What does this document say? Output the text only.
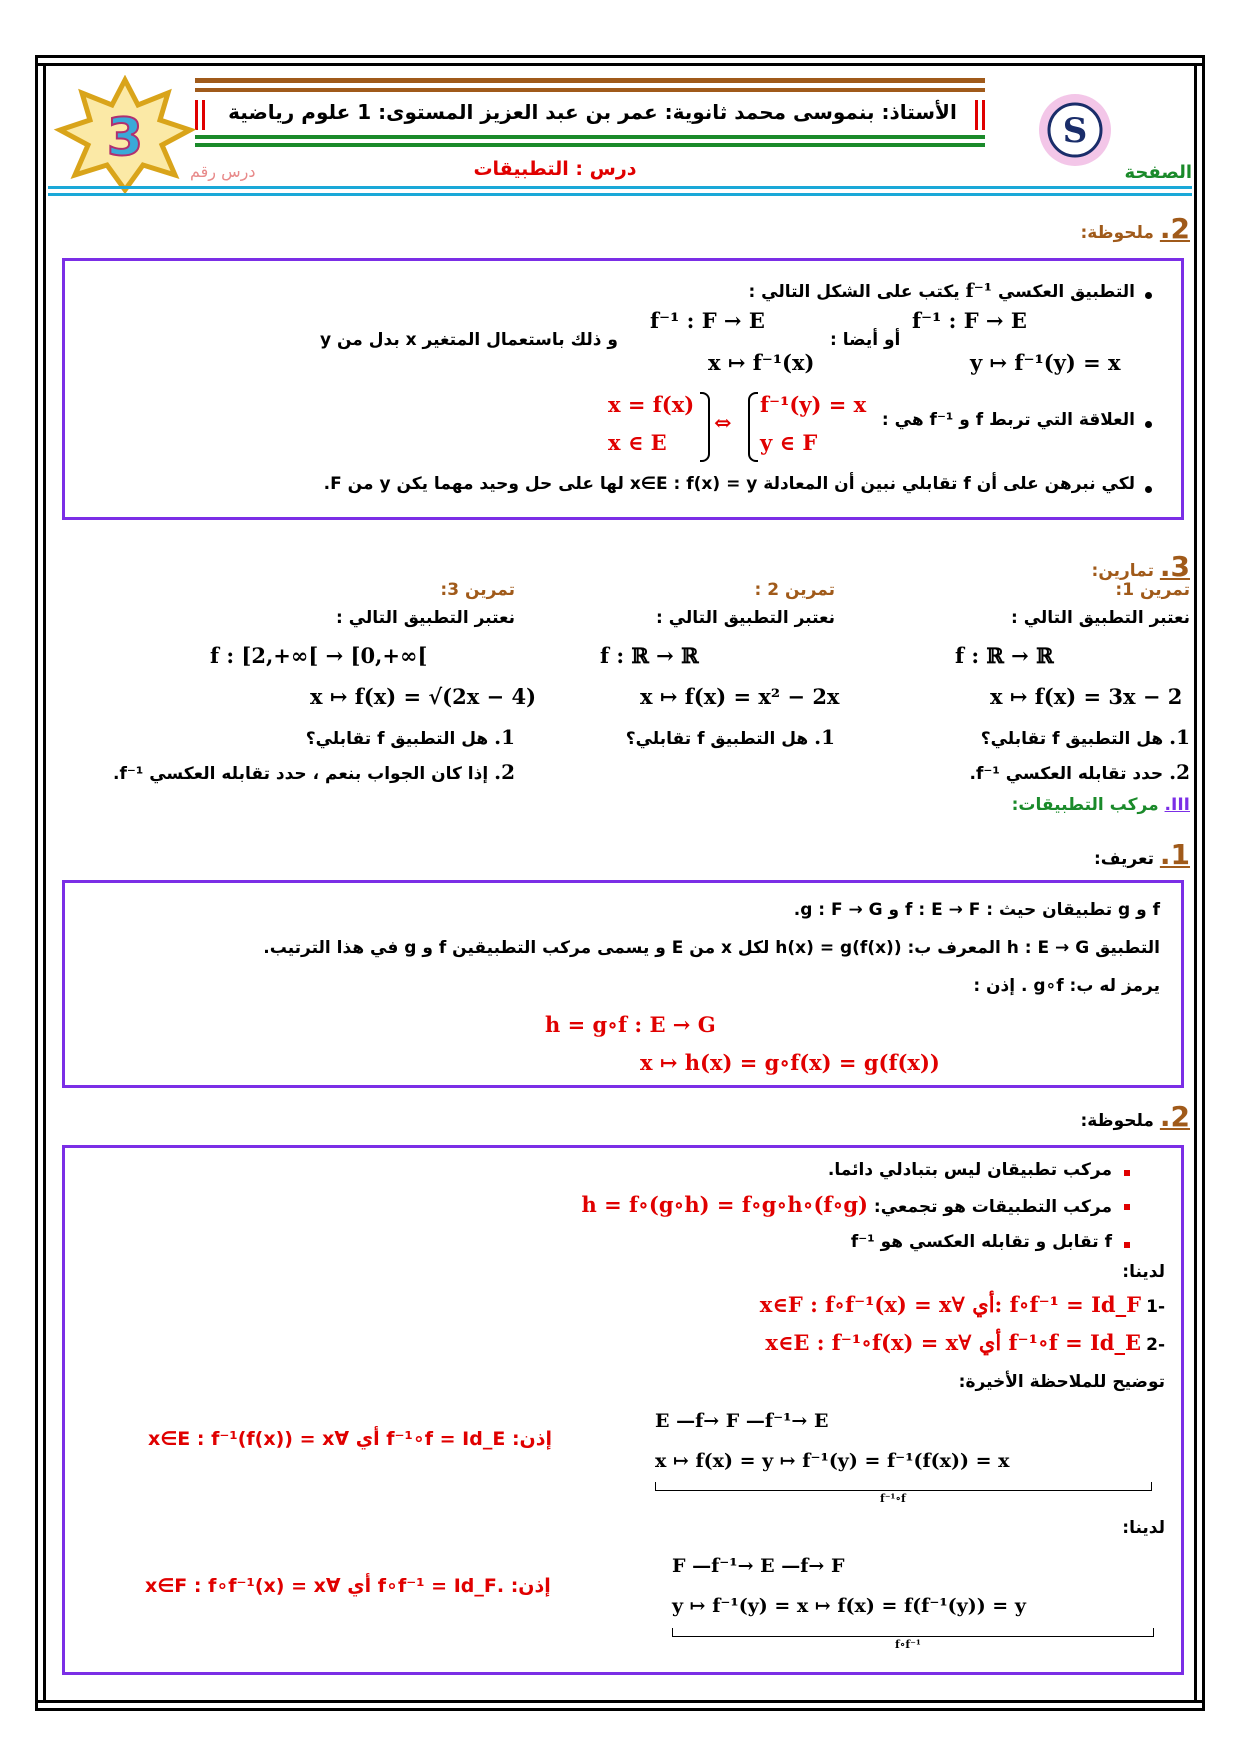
الأستاذ: بنموسى محمد ثانوية: عمر بن عبد العزيز المستوى: 1 علوم رياضية
درس : التطبيقات	الصفحة
درس رقم
3	S
2. ملحوظة:
التطبيق العكسي f⁻¹ يكتب على الشكل التالي :
f⁻¹ : F → E
y ↦ f⁻¹(y) = x
أو أيضا :
f⁻¹ : F → E
x ↦ f⁻¹(x)
و ذلك باستعمال المتغير x بدل من y
العلاقة التي تربط f و f⁻¹ هي :
f⁻¹(y) = x
y ∈ F
⇔
x = f(x)
x ∈ E
لكي نبرهن على أن f تقابلي نبين أن المعادلة x∈E : f(x) = y لها على حل وحيد مهما يكن y من F.
3. تمارين:
تمرين 1:
نعتبر التطبيق التالي :
f : ℝ → ℝ
x ↦ f(x) = 3x − 2
1. هل التطبيق f تقابلي؟
2. حدد تقابله العكسي f⁻¹.
تمرين 2 :
نعتبر التطبيق التالي :
f : ℝ → ℝ
x ↦ f(x) = x² − 2x
1. هل التطبيق f تقابلي؟
تمرين 3:
نعتبر التطبيق التالي :
f : [2,+∞[ → [0,+∞[
x ↦ f(x) = √(2x − 4)
1. هل التطبيق f تقابلي؟
2. إذا كان الجواب بنعم ، حدد تقابله العكسي f⁻¹.
III. مركب التطبيقات:
1. تعريف:
f و g تطبيقان حيث : f : E → F و g : F → G.
التطبيق h : E → G المعرف ب: h(x) = g(f(x)) لكل x من E و يسمى مركب التطبيقين f و g في هذا الترتيب.
يرمز له ب: g∘f . إذن :
h = g∘f : E → G
x ↦ h(x) = g∘f(x) = g(f(x))
2. ملحوظة:
مركب تطبيقان ليس بتبادلي دائما.
مركب التطبيقات هو تجمعي: (f∘g)∘h = f∘(g∘h) = f∘g∘h
f تقابل و تقابله العكسي هو f⁻¹
لدينا:
-1 f∘f⁻¹ = Id_F :أي ∀x∈F : f∘f⁻¹(x) = x
-2 f⁻¹∘f = Id_E أي ∀x∈E : f⁻¹∘f(x) = x
توضيح للملاحظة الأخيرة:
E —f→ F —f⁻¹→ E
x ↦ f(x) = y ↦ f⁻¹(y) = f⁻¹(f(x)) = x
f⁻¹∘f
إذن: f⁻¹∘f = Id_E أي ∀x∈E : f⁻¹(f(x)) = x
لدينا:
F —f⁻¹→ E —f→ F
y ↦ f⁻¹(y) = x ↦ f(x) = f(f⁻¹(y)) = y
f∘f⁻¹
إذن: .f∘f⁻¹ = Id_F أي ∀x∈F : f∘f⁻¹(x) = x
